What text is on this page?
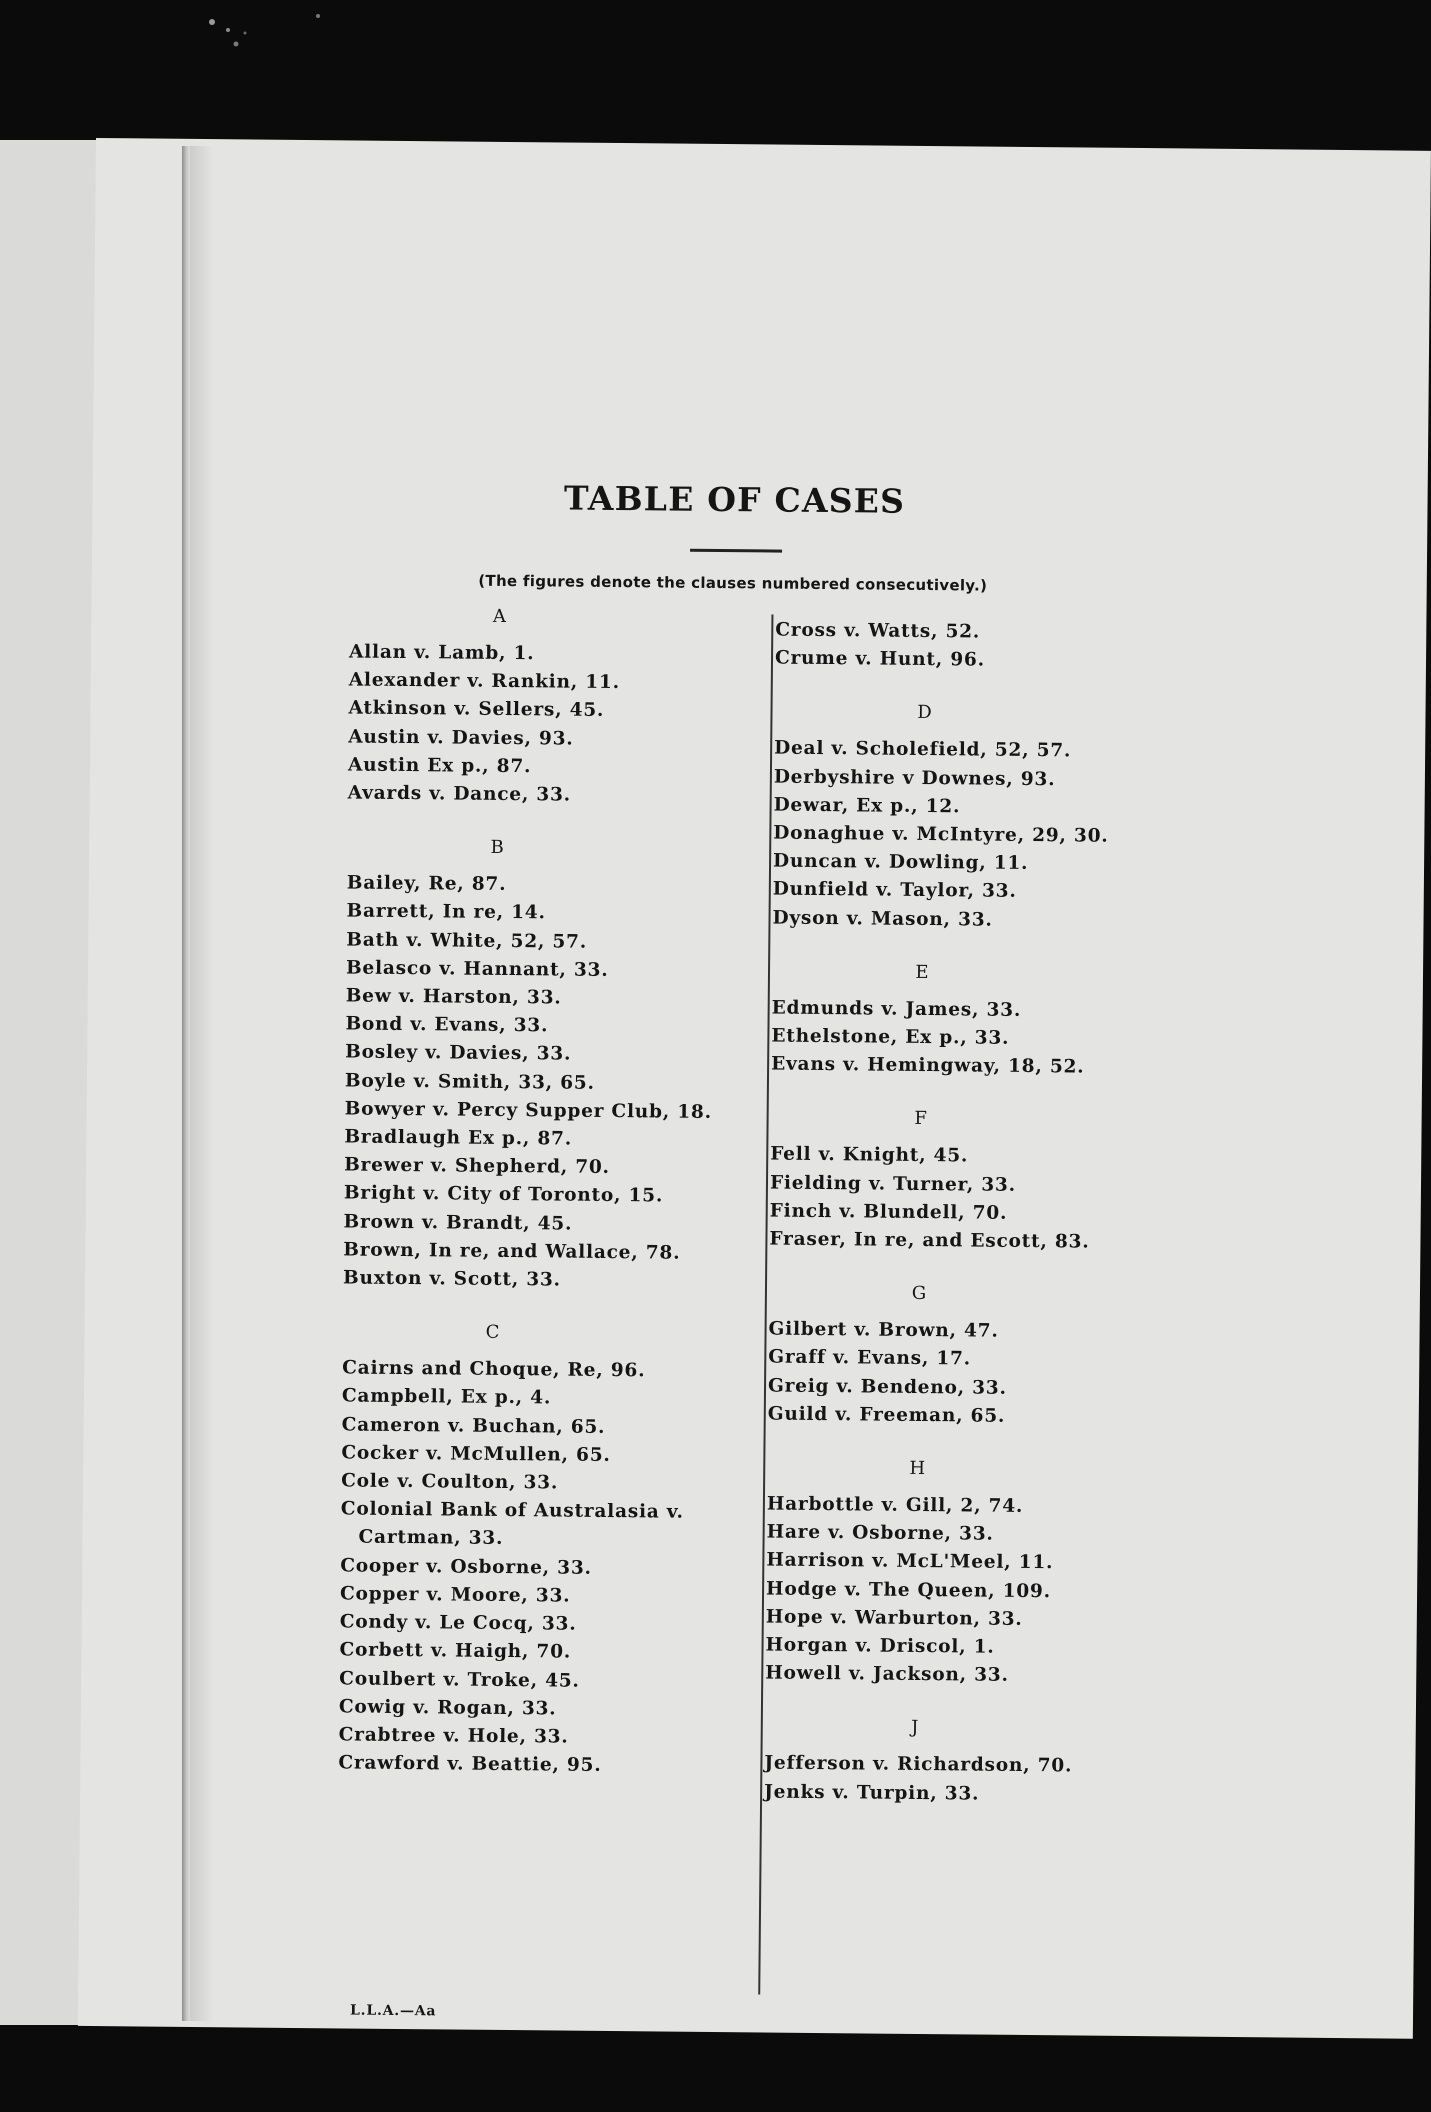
TABLE OF CASES
(The figures denote the clauses numbered consecutively.)
A
Allan v. Lamb, 1.
Alexander v. Rankin, 11.
Atkinson v. Sellers, 45.
Austin v. Davies, 93.
Austin Ex p., 87.
Avards v. Dance, 33.
B
Bailey, Re, 87.
Barrett, In re, 14.
Bath v. White, 52, 57.
Belasco v. Hannant, 33.
Bew v. Harston, 33.
Bond v. Evans, 33.
Bosley v. Davies, 33.
Boyle v. Smith, 33, 65.
Bowyer v. Percy Supper Club, 18.
Bradlaugh Ex p., 87.
Brewer v. Shepherd, 70.
Bright v. City of Toronto, 15.
Brown v. Brandt, 45.
Brown, In re, and Wallace, 78.
Buxton v. Scott, 33.
C
Cairns and Choque, Re, 96.
Campbell, Ex p., 4.
Cameron v. Buchan, 65.
Cocker v. McMullen, 65.
Cole v. Coulton, 33.
Colonial Bank of Australasia v.
Cartman, 33.
Cooper v. Osborne, 33.
Copper v. Moore, 33.
Condy v. Le Cocq, 33.
Corbett v. Haigh, 70.
Coulbert v. Troke, 45.
Cowig v. Rogan, 33.
Crabtree v. Hole, 33.
Crawford v. Beattie, 95.
Cross v. Watts, 52.
Crume v. Hunt, 96.
D
Deal v. Scholefield, 52, 57.
Derbyshire v Downes, 93.
Dewar, Ex p., 12.
Donaghue v. McIntyre, 29, 30.
Duncan v. Dowling, 11.
Dunfield v. Taylor, 33.
Dyson v. Mason, 33.
E
Edmunds v. James, 33.
Ethelstone, Ex p., 33.
Evans v. Hemingway, 18, 52.
F
Fell v. Knight, 45.
Fielding v. Turner, 33.
Finch v. Blundell, 70.
Fraser, In re, and Escott, 83.
G
Gilbert v. Brown, 47.
Graff v. Evans, 17.
Greig v. Bendeno, 33.
Guild v. Freeman, 65.
H
Harbottle v. Gill, 2, 74.
Hare v. Osborne, 33.
Harrison v. McL'Meel, 11.
Hodge v. The Queen, 109.
Hope v. Warburton, 33.
Horgan v. Driscol, 1.
Howell v. Jackson, 33.
J
Jefferson v. Richardson, 70.
Jenks v. Turpin, 33.
L.L.A.—Aa
